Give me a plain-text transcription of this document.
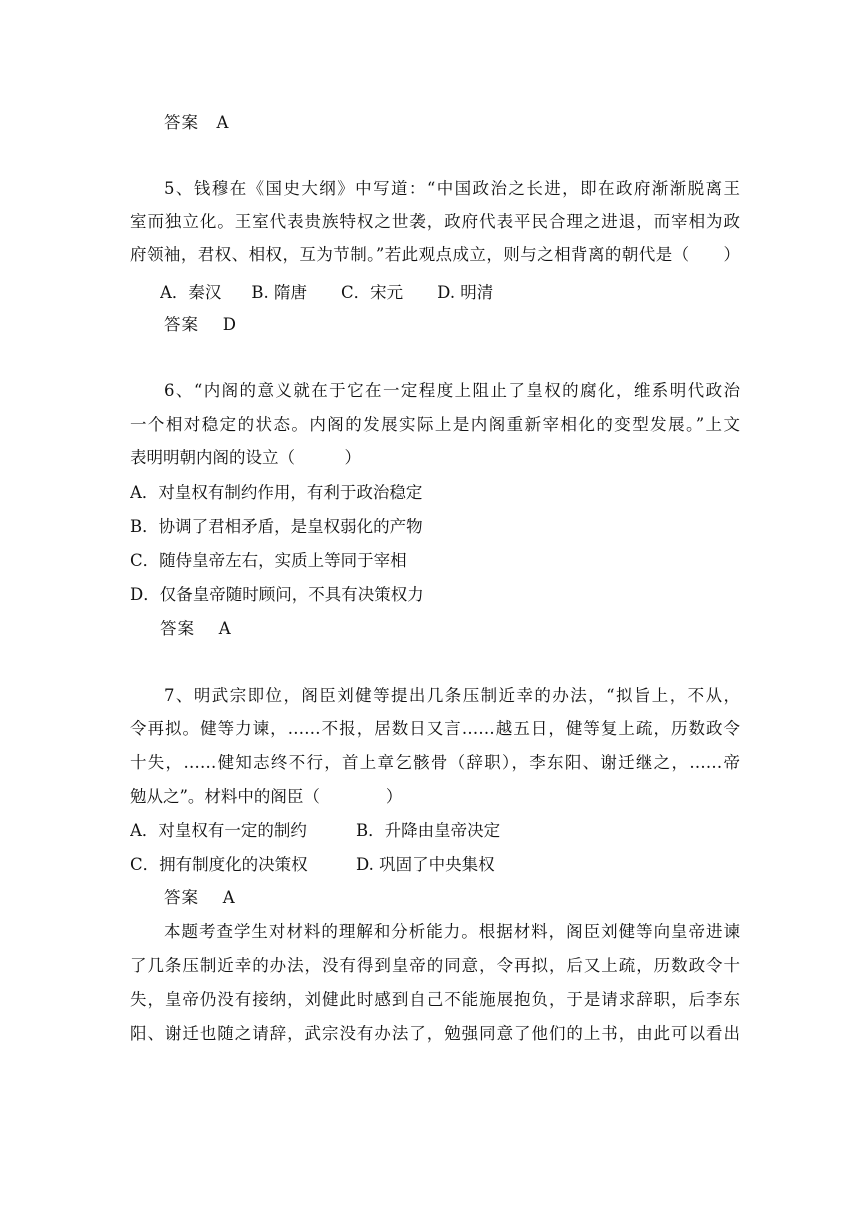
答案　A
5、钱穆在《国史大纲》中写道：“中国政治之长进，即在政府渐渐脱离王
室而独立化。王室代表贵族特权之世袭，政府代表平民合理之进退，而宰相为政
府领袖，君权、相权，互为节制。”若此观点成立，则与之相背离的朝代是（　　）
A．秦汉 B. 隋唐 C．宋元 D. 明清
答案　 D
6、“内阁的意义就在于它在一定程度上阻止了皇权的腐化，维系明代政治
一个相对稳定的状态。内阁的发展实际上是内阁重新宰相化的变型发展。”上文
表明明朝内阁的设立（　　　）
A．对皇权有制约作用，有利于政治稳定
B．协调了君相矛盾，是皇权弱化的产物
C．随侍皇帝左右，实质上等同于宰相
D．仅备皇帝随时顾问，不具有决策权力
答案　 A
7、明武宗即位，阁臣刘健等提出几条压制近幸的办法，“拟旨上，不从，
令再拟。健等力谏，……不报，居数日又言……越五日，健等复上疏，历数政令
十失，……健知志终不行，首上章乞骸骨（辞职），李东阳、谢迁继之，……帝
勉从之”。材料中的阁臣（　　　　）
A．对皇权有一定的制约	B．升降由皇帝决定
C．拥有制度化的决策权	D. 巩固了中央集权
答案　 A
本题考查学生对材料的理解和分析能力。根据材料，阁臣刘健等向皇帝进谏
了几条压制近幸的办法，没有得到皇帝的同意，令再拟，后又上疏，历数政令十
失，皇帝仍没有接纳，刘健此时感到自己不能施展抱负，于是请求辞职，后李东
阳、谢迁也随之请辞，武宗没有办法了，勉强同意了他们的上书，由此可以看出
